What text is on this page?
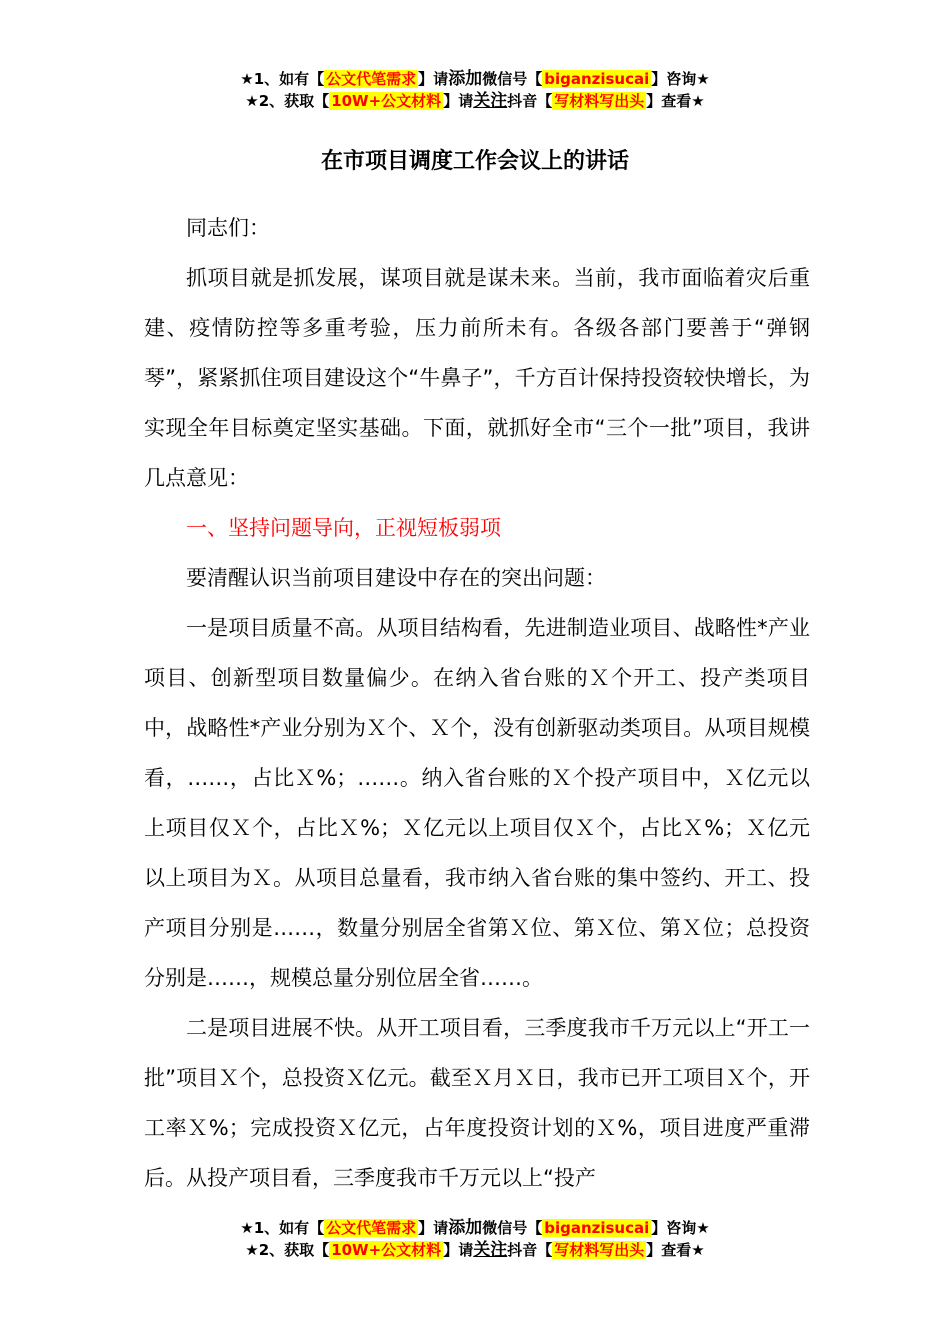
★1、如有【 公文代笔需求 】请添加微信号【 biganzisucai 】咨询★
★2、获取【 10W+公文材料 】请关注抖音【 写材料写出头 】查看★
在市项目调度工作会议上的讲话

同志们：

抓项目就是抓发展，谋项目就是谋未来。当前，我市面临着灾后重建、疫情防控等多重考验，压力前所未有。各级各部门要善于“弹钢琴”，紧紧抓住项目建设这个“牛鼻子”，千方百计保持投资较快增长，为实现全年目标奠定坚实基础。下面，就抓好全市“三个一批”项目，我讲几点意见：

一、坚持问题导向，正视短板弱项

要清醒认识当前项目建设中存在的突出问题：

一是项目质量不高。从项目结构看，先进制造业项目、战略性*产业项目、创新型项目数量偏少。在纳入省台账的Ｘ个开工、投产类项目中，战略性*产业分别为Ｘ个、Ｘ个，没有创新驱动类项目。从项目规模看，……，占比Ｘ%；……。纳入省台账的Ｘ个投产项目中，Ｘ亿元以上项目仅Ｘ个，占比Ｘ%；Ｘ亿元以上项目仅Ｘ个，占比Ｘ%；Ｘ亿元以上项目为Ｘ。从项目总量看，我市纳入省台账的集中签约、开工、投产项目分别是……，数量分别居全省第Ｘ位、第Ｘ位、第Ｘ位；总投资分别是……，规模总量分别位居全省……。

二是项目进展不快。从开工项目看，三季度我市千万元以上“开工一批”项目Ｘ个，总投资Ｘ亿元。截至Ｘ月Ｘ日，我市已开工项目Ｘ个，开工率Ｘ%；完成投资Ｘ亿元，占年度投资计划的Ｘ%，项目进度严重滞后。从投产项目看，三季度我市千万元以上“投产

★1、如有【 公文代笔需求 】请添加微信号【 biganzisucai 】咨询★
★2、获取【 10W+公文材料 】请关注抖音【 写材料写出头 】查看★
